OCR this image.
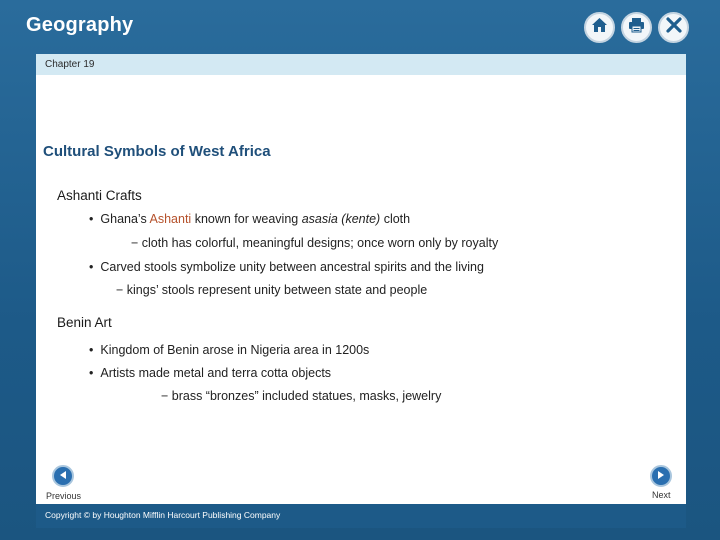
Geography
Chapter 19
Cultural Symbols of West Africa
Ashanti Crafts
• Ghana’s Ashanti known for weaving asasia (kente) cloth
− cloth has colorful, meaningful designs; once worn only by royalty
• Carved stools symbolize unity between ancestral spirits and the living
− kings’ stools represent unity between state and people
Benin Art
• Kingdom of Benin arose in Nigeria area in 1200s
• Artists made metal and terra cotta objects
− brass “bronzes” included statues, masks, jewelry
Previous	Next
Copyright © by Houghton Mifflin Harcourt Publishing Company
